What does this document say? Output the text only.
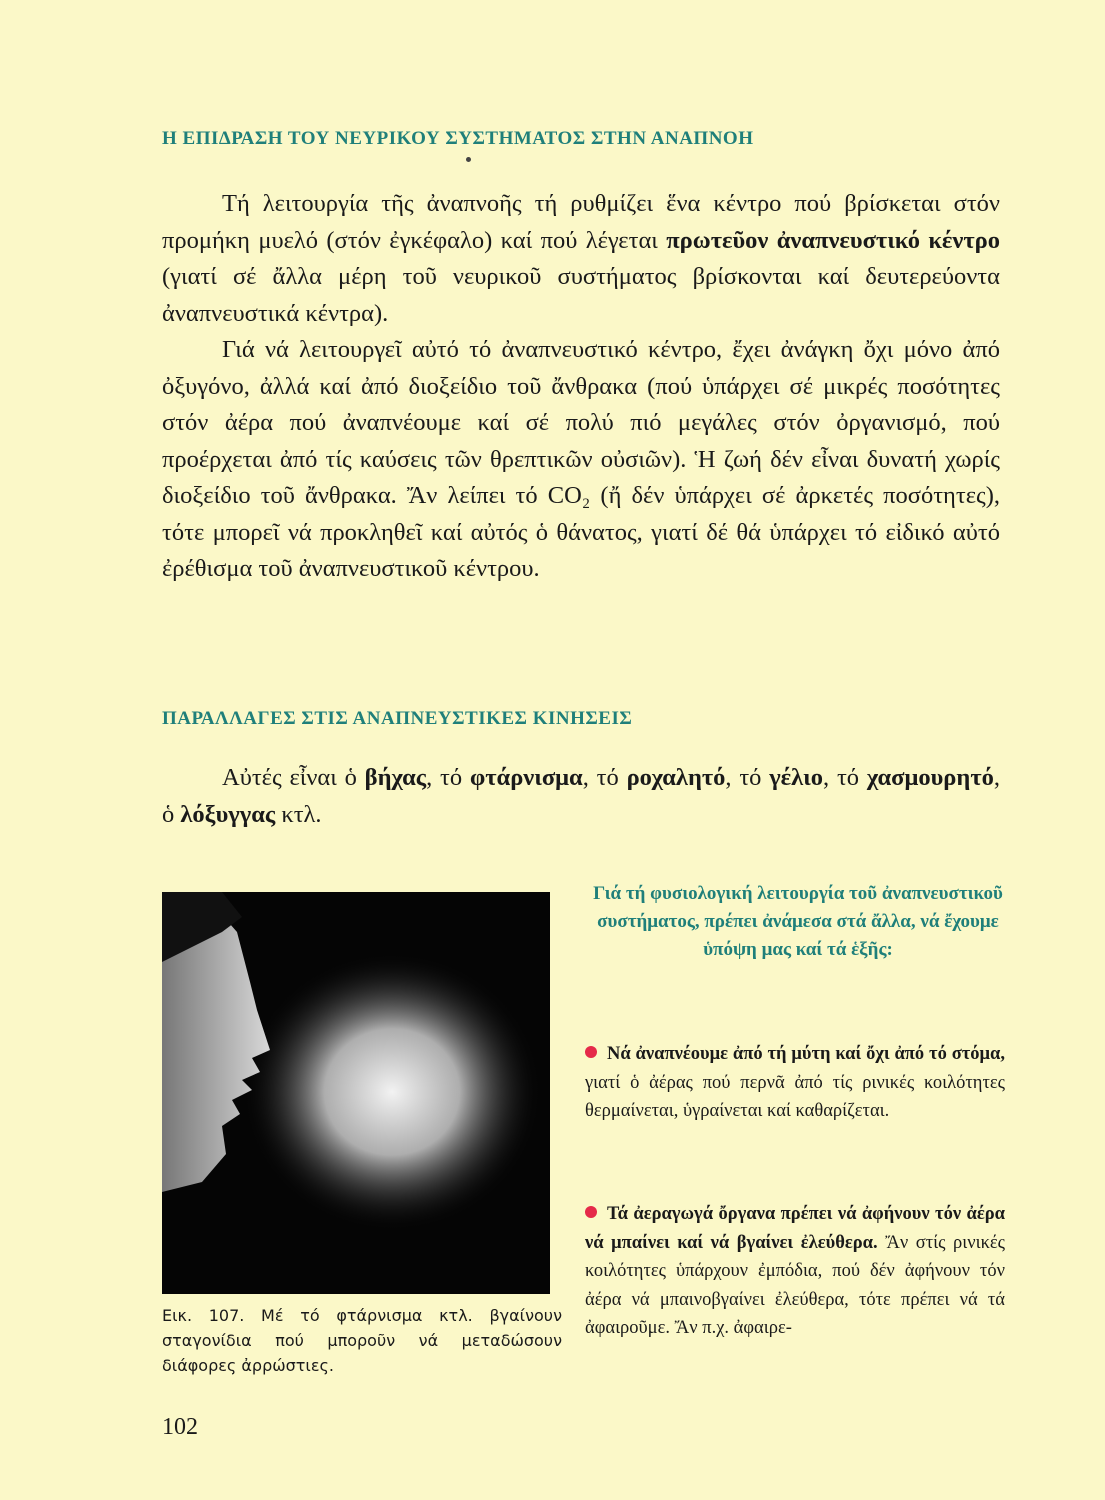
Η ΕΠΙΔΡΑΣΗ ΤΟΥ ΝΕΥΡΙΚΟΥ ΣΥΣΤΗΜΑΤΟΣ ΣΤΗΝ ΑΝΑΠΝΟΗ

Τή λειτουργία τῆς ἀναπνοῆς τή ρυθμίζει ἕνα κέντρο πού βρίσκεται στόν προμήκη μυελό (στόν ἐγκέφαλο) καί πού λέγεται πρωτεῦον ἀναπνευστικό κέντρο (γιατί σέ ἄλλα μέρη τοῦ νευρικοῦ συστήματος βρίσκονται καί δευτερεύοντα ἀναπνευστικά κέντρα).

Γιά νά λειτουργεῖ αὐτό τό ἀναπνευστικό κέντρο, ἔχει ἀνάγκη ὄχι μόνο ἀπό ὀξυγόνο, ἀλλά καί ἀπό διοξείδιο τοῦ ἄνθρακα (πού ὑπάρχει σέ μικρές ποσότητες στόν ἀέρα πού ἀναπνέουμε καί σέ πολύ πιό μεγάλες στόν ὀργανισμό, πού προέρχεται ἀπό τίς καύσεις τῶν θρεπτικῶν οὐσιῶν). Ἡ ζωή δέν εἶναι δυνατή χωρίς διοξείδιο τοῦ ἄνθρακα. Ἄν λείπει τό CO₂ (ἤ δέν ὑπάρχει σέ ἀρκετές ποσότητες), τότε μπορεῖ νά προκληθεῖ καί αὐτός ὁ θάνατος, γιατί δέ θά ὑπάρχει τό εἰδικό αὐτό ἐρέθισμα τοῦ ἀναπνευστικοῦ κέντρου.

ΠΑΡΑΛΛΑΓΕΣ ΣΤΙΣ ΑΝΑΠΝΕΥΣΤΙΚΕΣ ΚΙΝΗΣΕΙΣ

Αὐτές εἶναι ὁ βήχας, τό φτάρνισμα, τό ροχαλητό, τό γέλιο, τό χασμουρητό, ὁ λόξυγγας κτλ.

Εικ. 107. Μέ τό φτάρνισμα κτλ. βγαίνουν σταγονίδια πού μποροῦν νά μεταδώσουν διάφορες ἀρρώστιες.

Γιά τή φυσιολογική λειτουργία τοῦ ἀναπνευστικοῦ συστήματος, πρέπει ἀνάμεσα στά ἄλλα, νά ἔχουμε ὑπόψη μας καί τά ἑξῆς:

Νά ἀναπνέουμε ἀπό τή μύτη καί ὄχι ἀπό τό στόμα, γιατί ὁ ἀέρας πού περνᾶ ἀπό τίς ρινικές κοιλότητες θερμαίνεται, ὑγραίνεται καί καθαρίζεται.

Τά ἀεραγωγά ὄργανα πρέπει νά ἀφήνουν τόν ἀέρα νά μπαίνει καί νά βγαίνει ἐλεύθερα. Ἄν στίς ρινικές κοιλότητες ὑπάρχουν ἐμπόδια, πού δέν ἀφήνουν τόν ἀέρα νά μπαινοβγαίνει ἐλεύθερα, τότε πρέπει νά τά ἀφαιροῦμε. Ἄν π.χ. ἀφαιρε-

102
